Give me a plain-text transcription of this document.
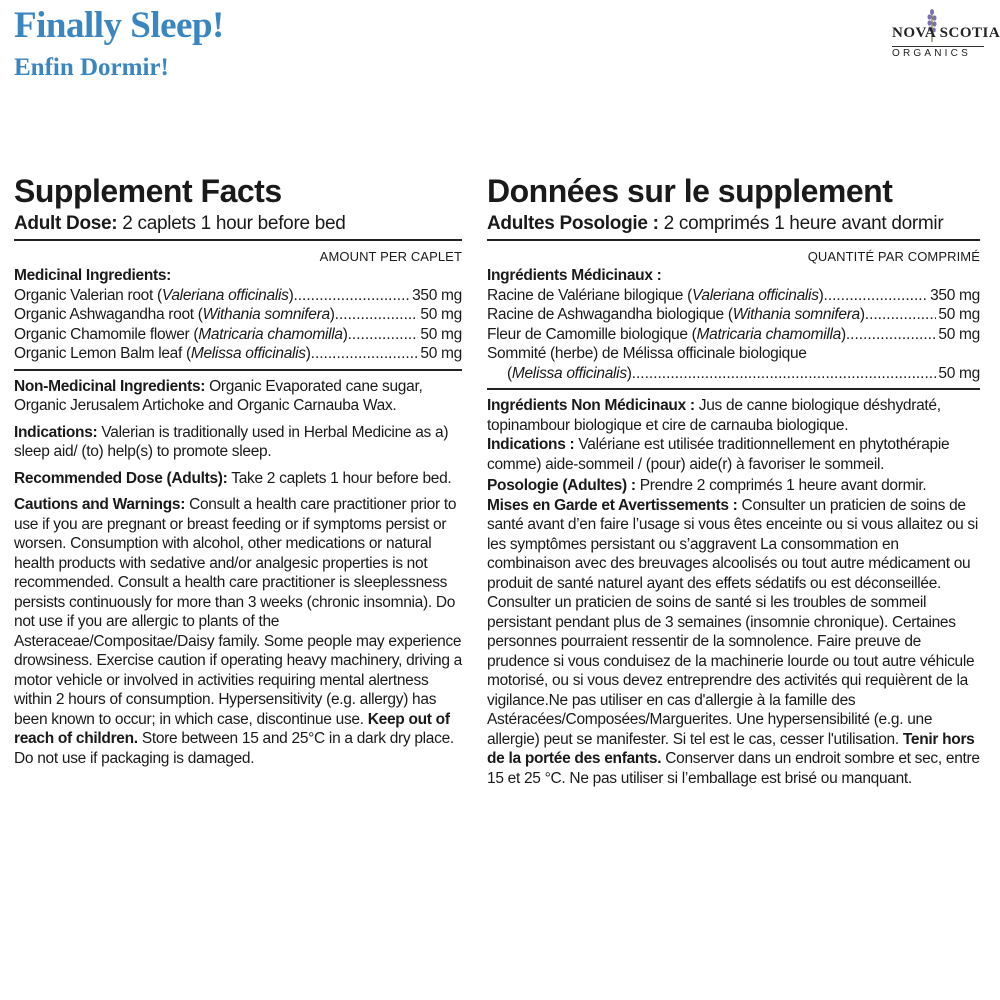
Finally Sleep!
Enfin Dormir!
NOVA SCOTIA
ORGANICS
Supplement Facts
Adult Dose: 2 caplets 1 hour before bed
AMOUNT PER CAPLET
Medicinal Ingredients:
Organic Valerian root (Valeriana officinalis) .....	350 mg
Organic Ashwagandha root (Withania somnifera) .....	50 mg
Organic Chamomile flower (Matricaria chamomilla) .....	50 mg
Organic Lemon Balm leaf (Melissa officinalis) .....	50 mg
Non-Medicinal Ingredients: Organic Evaporated cane sugar, Organic Jerusalem Artichoke and Organic Carnauba Wax.
Indications: Valerian is traditionally used in Herbal Medicine as a) sleep aid/ (to) help(s) to promote sleep.
Recommended Dose (Adults): Take 2 caplets 1 hour before bed.
Cautions and Warnings: Consult a health care practitioner prior to use if you are pregnant or breast feeding or if symptoms persist or worsen. Consumption with alcohol, other medications or natural health products with sedative and/or analgesic properties is not recommended. Consult a health care practitioner is sleeplessness persists continuously for more than 3 weeks (chronic insomnia). Do not use if you are allergic to plants of the Asteraceae/Compositae/Daisy family. Some people may experience drowsiness. Exercise caution if operating heavy machinery, driving a motor vehicle or involved in activities requiring mental alertness within 2 hours of consumption. Hypersensitivity (e.g. allergy) has been known to occur; in which case, discontinue use. Keep out of reach of children. Store between 15 and 25°C in a dark dry place. Do not use if packaging is damaged.
Données sur le supplement
Adultes Posologie : 2 comprimés 1 heure avant dormir
QUANTITÉ PAR COMPRIMÉ
Ingrédients Médicinaux :
Racine de Valériane bilogique (Valeriana officinalis) .....	350 mg
Racine de Ashwagandha biologique (Withania somnifera) .....	50 mg
Fleur de Camomille biologique (Matricaria chamomilla) .....	50 mg
Sommité (herbe) de Mélissa officinale biologique
(Melissa officinalis) .....	50 mg
Ingrédients Non Médicinaux : Jus de canne biologique déshydraté, topinambour biologique et cire de carnauba biologique.
Indications : Valériane est utilisée traditionnellement en phytothérapie comme) aide-sommeil / (pour) aide(r) à favoriser le sommeil.
Posologie (Adultes) : Prendre 2 comprimés 1 heure avant dormir.
Mises en Garde et Avertissements : Consulter un praticien de soins de santé avant d’en faire l’usage si vous êtes enceinte ou si vous allaitez ou si les symptômes persistant ou s’aggravent La consommation en combinaison avec des breuvages alcoolisés ou tout autre médicament ou produit de santé naturel ayant des effets sédatifs ou est déconseillée. Consulter un praticien de soins de santé si les troubles de sommeil persistant pendant plus de 3 semaines (insomnie chronique). Certaines personnes pourraient ressentir de la somnolence. Faire preuve de prudence si vous conduisez de la machinerie lourde ou tout autre véhicule motorisé, ou si vous devez entreprendre des activités qui requièrent de la vigilance.Ne pas utiliser en cas d'allergie à la famille des Astéracées/Composées/Marguerites. Une hypersensibilité (e.g. une allergie) peut se manifester. Si tel est le cas, cesser l'utilisation. Tenir hors de la portée des enfants. Conserver dans un endroit sombre et sec, entre 15 et 25 °C. Ne pas utiliser si l’emballage est brisé ou manquant.
